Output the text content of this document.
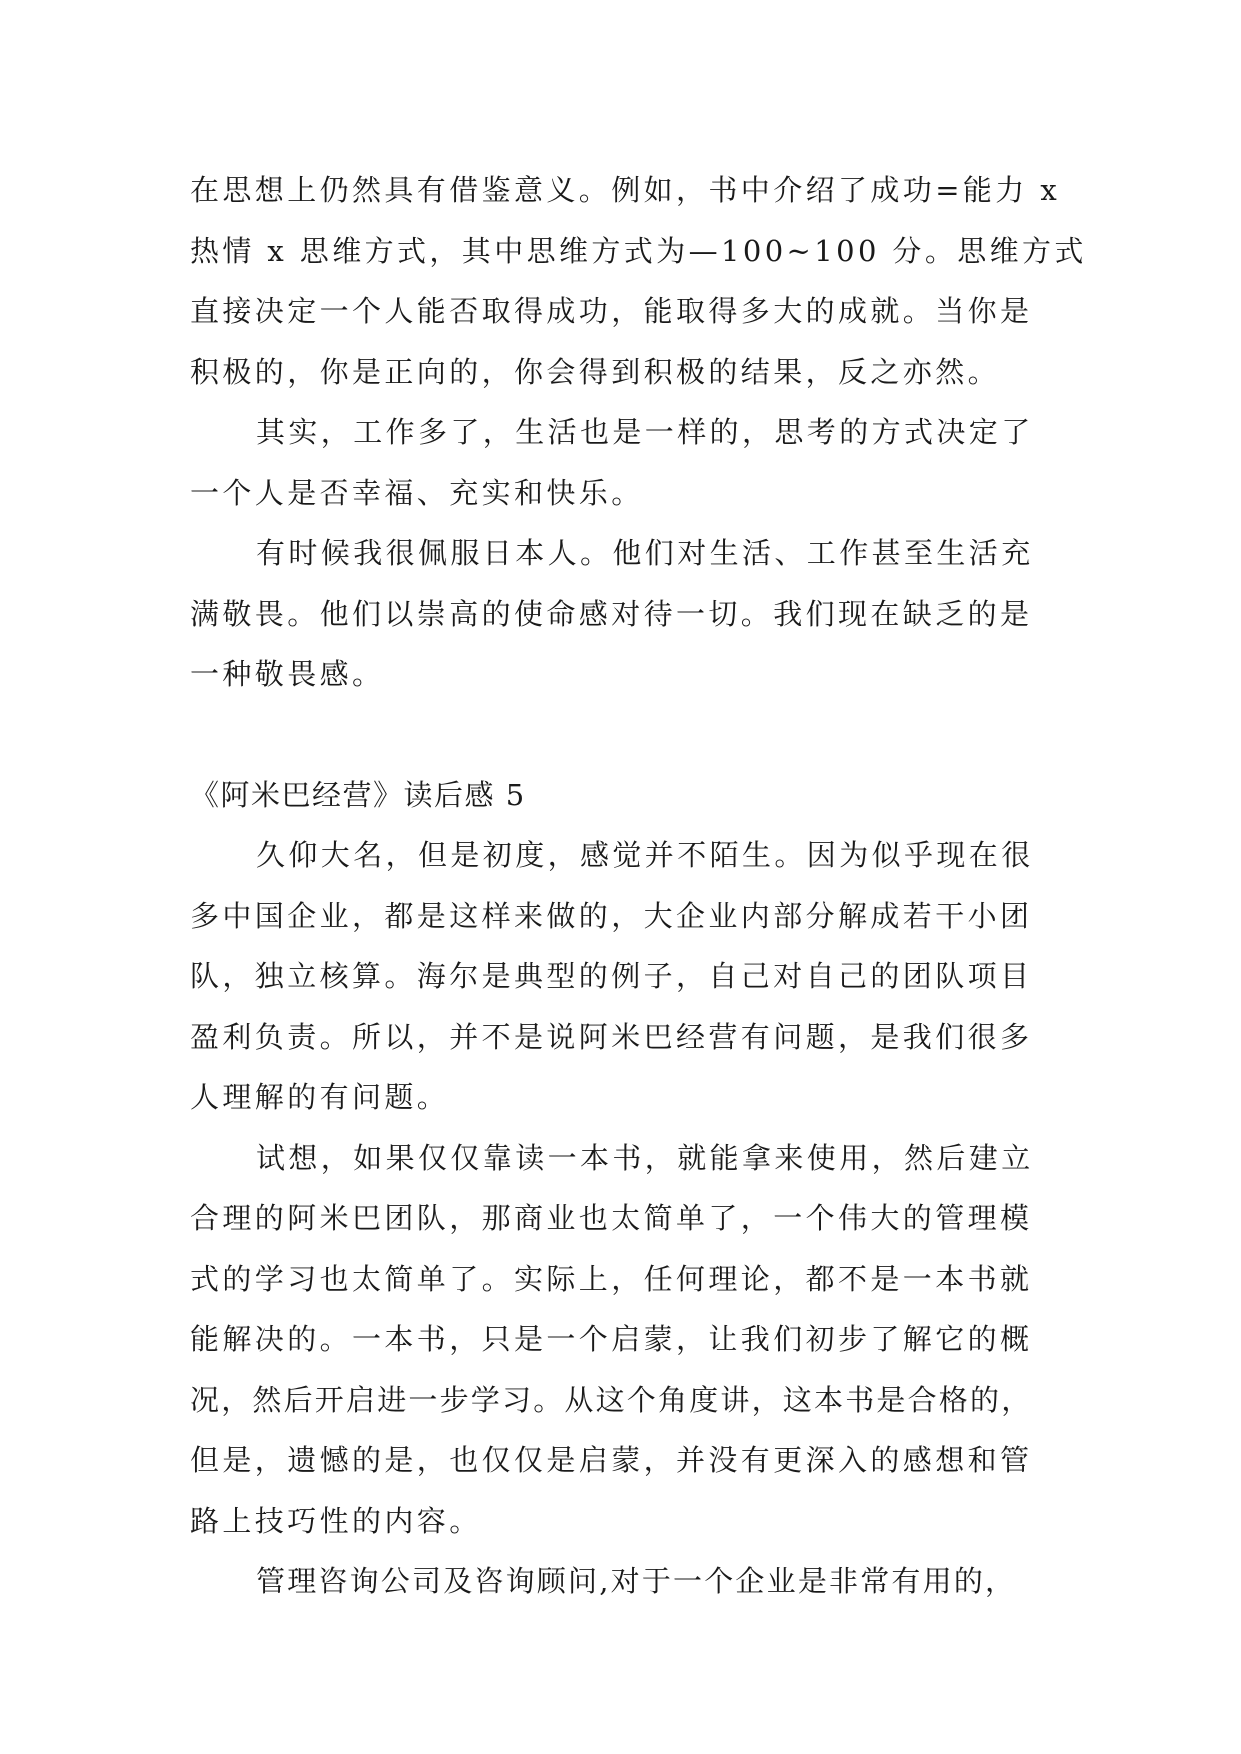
在思想上仍然具有借鉴意义。例如，书中介绍了成功=能力 x
热情 x 思维方式，其中思维方式为—100~100 分。思维方式
直接决定一个人能否取得成功，能取得多大的成就。当你是
积极的，你是正向的，你会得到积极的结果，反之亦然。
其实，工作多了，生活也是一样的，思考的方式决定了
一个人是否幸福、充实和快乐。
有时候我很佩服日本人。他们对生活、工作甚至生活充
满敬畏。他们以崇高的使命感对待一切。我们现在缺乏的是
一种敬畏感。
《阿米巴经营》读后感 5
久仰大名，但是初度，感觉并不陌生。因为似乎现在很
多中国企业，都是这样来做的，大企业内部分解成若干小团
队，独立核算。海尔是典型的例子，自己对自己的团队项目
盈利负责。所以，并不是说阿米巴经营有问题，是我们很多
人理解的有问题。
试想，如果仅仅靠读一本书，就能拿来使用，然后建立
合理的阿米巴团队，那商业也太简单了，一个伟大的管理模
式的学习也太简单了。实际上，任何理论，都不是一本书就
能解决的。一本书，只是一个启蒙，让我们初步了解它的概
况，然后开启进一步学习。从这个角度讲，这本书是合格的，
但是，遗憾的是，也仅仅是启蒙，并没有更深入的感想和管
路上技巧性的内容。
管理咨询公司及咨询顾问,对于一个企业是非常有用的，
